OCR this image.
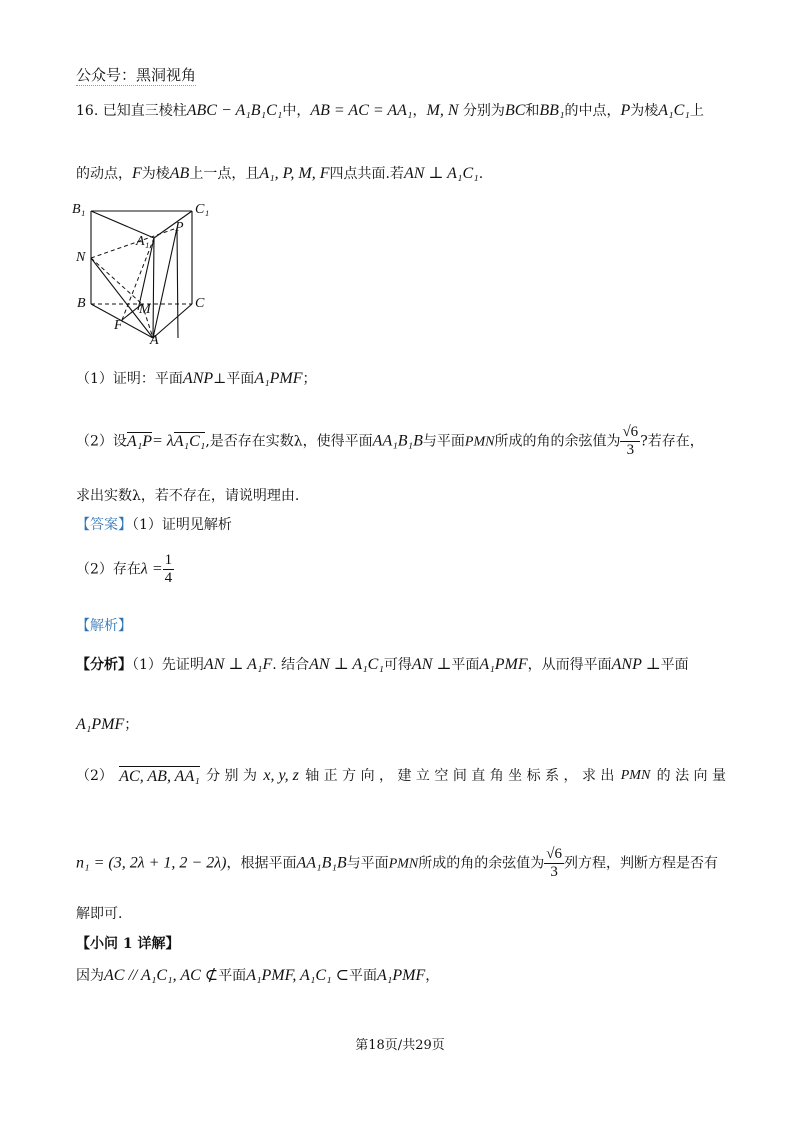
公众号：黑洞视角
16. 已知直三棱柱ABC − A₁B₁C₁中，AB = AC = AA₁，M, N 分别为BC和BB₁的中点，P为棱A₁C₁上
的动点，F为棱AB上一点，且A₁, P, M, F四点共面.若AN ⊥ A₁C₁.
B₁	C₁
A₁
P
N
B	C
M
F
A
（1）证明：平面ANP⊥平面A₁PMF；
（2）设A₁P= λA₁C₁,是否存在实数λ，使得平面AA₁B₁B与平面PMN所成的角的余弦值为 $\frac{√6}{3}$ ?若存在，
求出实数λ，若不存在，请说明理由.
【答案】（1）证明见解析
（2）存在$\lambda = \frac{1}{4}$
【解析】
【分析】（1）先证明AN ⊥ A₁F. 结合AN ⊥ A₁C₁可得AN ⊥平面A₁PMF，从而得平面ANP ⊥平面
A₁PMF；
（2） AC, AB, AA₁ 分 别 为 x, y, z 轴 正 方 向 ， 建 立 空 间 直 角 坐 标 系 ， 求 出 PMN 的 法 向 量
n₁ = (3, 2λ + 1, 2 − 2λ)，根据平面AA₁B₁B与平面PMN所成的角的余弦值为 $\frac{√6}{3}$ 列方程，判断方程是否有
解即可.
【小问 1 详解】
因为AC // A₁C₁, AC ⊄平面A₁PMF, A₁C₁ ⊂平面A₁PMF，
第18页/共29页
